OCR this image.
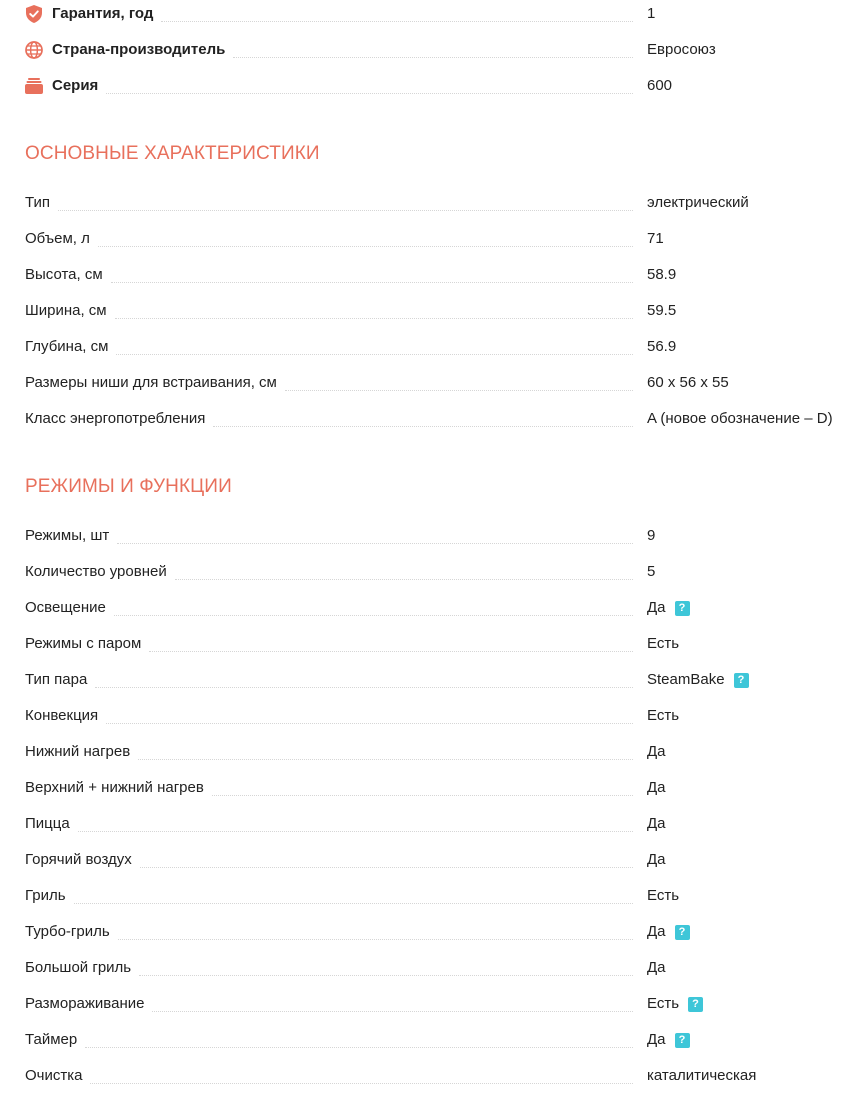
Гарантия, год	1
Страна-производитель	Евросоюз
Серия	600
ОСНОВНЫЕ ХАРАКТЕРИСТИКИ
Тип	электрический
Объем, л	71
Высота, см	58.9
Ширина, см	59.5
Глубина, см	56.9
Размеры ниши для встраивания, см	60 x 56 x 55
Класс энергопотребления	A (новое обозначение – D)
РЕЖИМЫ И ФУНКЦИИ
Режимы, шт	9
Количество уровней	5
Освещение	Да	?
Режимы с паром	Есть
Тип пара	SteamBake	?
Конвекция	Есть
Нижний нагрев	Да
Верхний + нижний нагрев	Да
Пицца	Да
Горячий воздух	Да
Гриль	Есть
Турбо-гриль	Да	?
Большой гриль	Да
Размораживание	Есть	?
Таймер	Да	?
Очистка	каталитическая
